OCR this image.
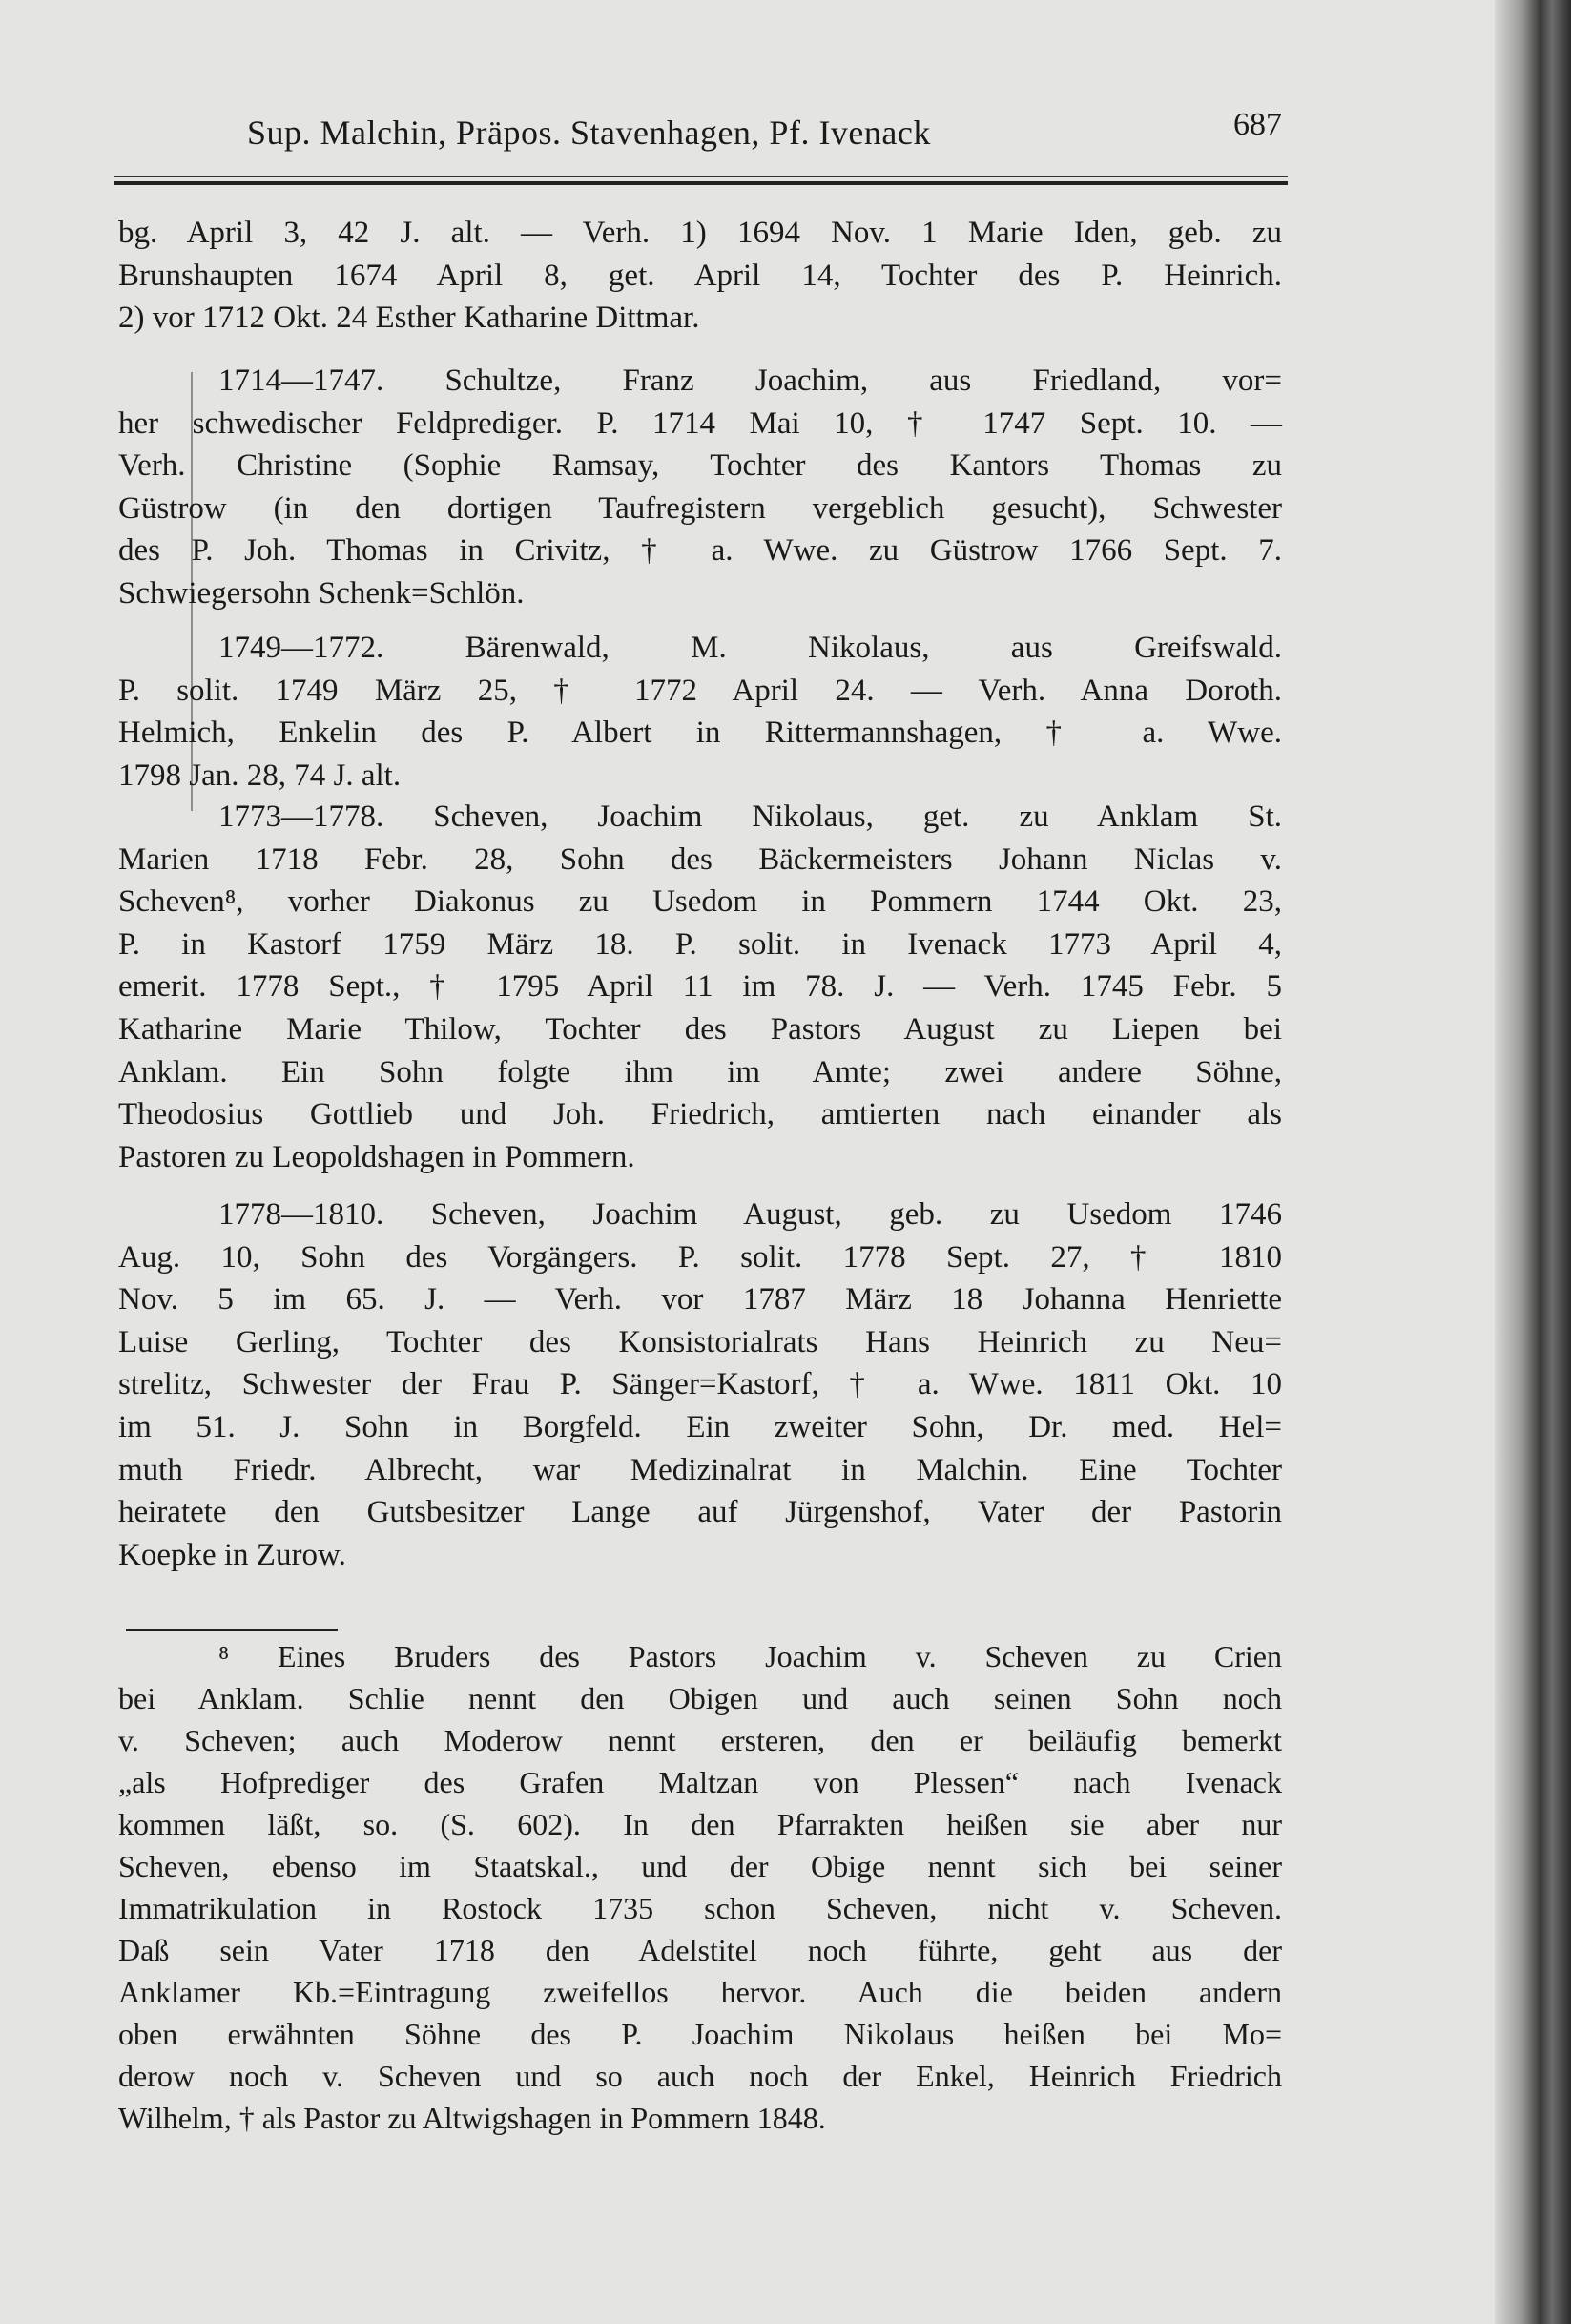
Sup. Malchin, Präpos. Stavenhagen, Pf. Ivenack	687
bg. April 3, 42 J. alt. — Verh. 1) 1694 Nov. 1 Marie Iden, geb. zu
Brunshaupten 1674 April 8, get. April 14, Tochter des P. Heinrich.
2) vor 1712 Okt. 24 Esther Katharine Dittmar.
1714—1747. Schultze, Franz Joachim, aus Friedland, vor=
her schwedischer Feldprediger. P. 1714 Mai 10, † 1747 Sept. 10. —
Verh. Christine (Sophie Ramsay, Tochter des Kantors Thomas zu
Güstrow (in den dortigen Taufregistern vergeblich gesucht), Schwester
des P. Joh. Thomas in Crivitz, † a. Wwe. zu Güstrow 1766 Sept. 7.
Schwiegersohn Schenk=Schlön.
1749—1772. Bärenwald, M. Nikolaus, aus Greifswald.
P. solit. 1749 März 25, † 1772 April 24. — Verh. Anna Doroth.
Helmich, Enkelin des P. Albert in Rittermannshagen, † a. Wwe.
1798 Jan. 28, 74 J. alt.
1773—1778. Scheven, Joachim Nikolaus, get. zu Anklam St.
Marien 1718 Febr. 28, Sohn des Bäckermeisters Johann Niclas v.
Scheven⁸, vorher Diakonus zu Usedom in Pommern 1744 Okt. 23,
P. in Kastorf 1759 März 18. P. solit. in Ivenack 1773 April 4,
emerit. 1778 Sept., † 1795 April 11 im 78. J. — Verh. 1745 Febr. 5
Katharine Marie Thilow, Tochter des Pastors August zu Liepen bei
Anklam. Ein Sohn folgte ihm im Amte; zwei andere Söhne,
Theodosius Gottlieb und Joh. Friedrich, amtierten nach einander als
Pastoren zu Leopoldshagen in Pommern.
1778—1810. Scheven, Joachim August, geb. zu Usedom 1746
Aug. 10, Sohn des Vorgängers. P. solit. 1778 Sept. 27, † 1810
Nov. 5 im 65. J. — Verh. vor 1787 März 18 Johanna Henriette
Luise Gerling, Tochter des Konsistorialrats Hans Heinrich zu Neu=
strelitz, Schwester der Frau P. Sänger=Kastorf, † a. Wwe. 1811 Okt. 10
im 51. J. Sohn in Borgfeld. Ein zweiter Sohn, Dr. med. Hel=
muth Friedr. Albrecht, war Medizinalrat in Malchin. Eine Tochter
heiratete den Gutsbesitzer Lange auf Jürgenshof, Vater der Pastorin
Koepke in Zurow.
⁸ Eines Bruders des Pastors Joachim v. Scheven zu Crien
bei Anklam. Schlie nennt den Obigen und auch seinen Sohn noch
v. Scheven; auch Moderow nennt ersteren, den er beiläufig bemerkt
„als Hofprediger des Grafen Maltzan von Plessen“ nach Ivenack
kommen läßt, so. (S. 602). In den Pfarrakten heißen sie aber nur
Scheven, ebenso im Staatskal., und der Obige nennt sich bei seiner
Immatrikulation in Rostock 1735 schon Scheven, nicht v. Scheven.
Daß sein Vater 1718 den Adelstitel noch führte, geht aus der
Anklamer Kb.=Eintragung zweifellos hervor. Auch die beiden andern
oben erwähnten Söhne des P. Joachim Nikolaus heißen bei Mo=
derow noch v. Scheven und so auch noch der Enkel, Heinrich Friedrich
Wilhelm, † als Pastor zu Altwigshagen in Pommern 1848.
